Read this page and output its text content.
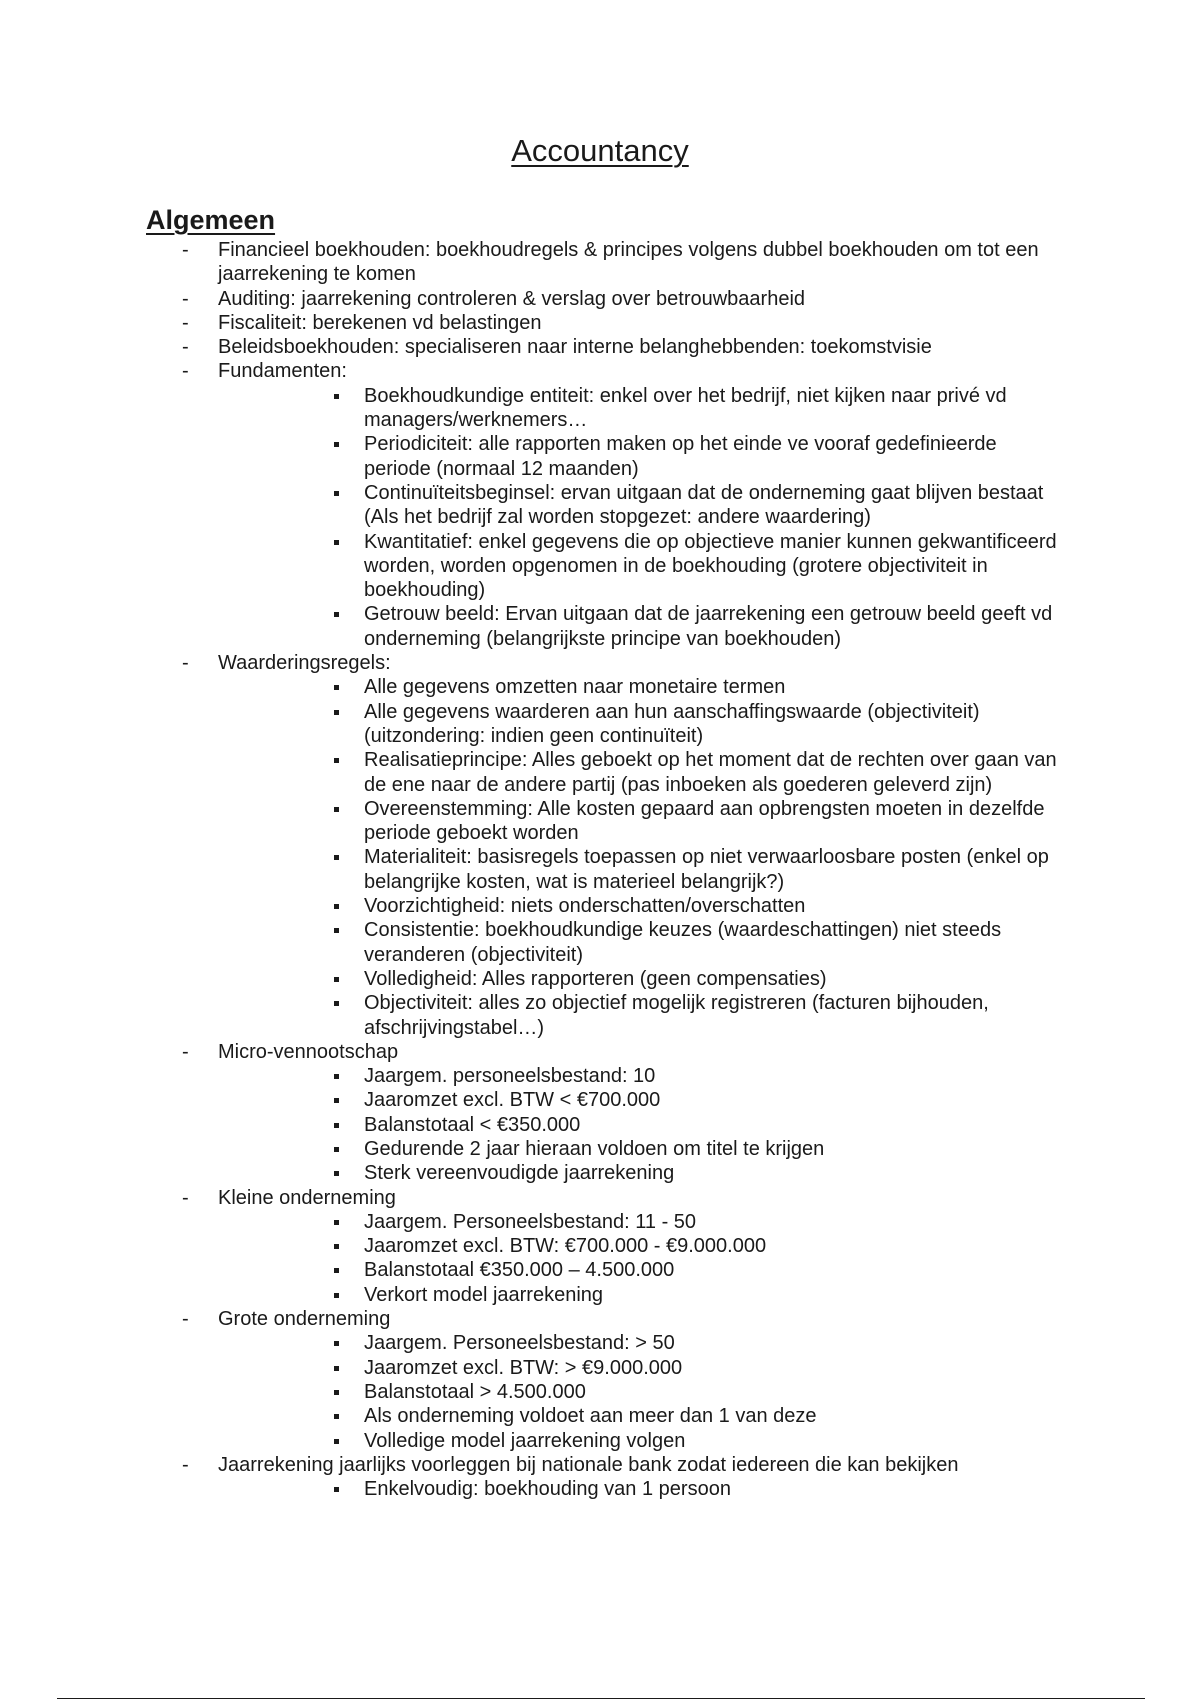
Accountancy
Algemeen
- Financieel boekhouden: boekhoudregels & principes volgens dubbel boekhouden om tot een jaarrekening te komen
- Auditing: jaarrekening controleren & verslag over betrouwbaarheid
- Fiscaliteit: berekenen vd belastingen
- Beleidsboekhouden: specialiseren naar interne belanghebbenden: toekomstvisie
- Fundamenten:
Boekhoudkundige entiteit: enkel over het bedrijf, niet kijken naar privé vd managers/werknemers…
Periodiciteit: alle rapporten maken op het einde ve vooraf gedefinieerde periode (normaal 12 maanden)
Continuïteitsbeginsel: ervan uitgaan dat de onderneming gaat blijven bestaat (Als het bedrijf zal worden stopgezet: andere waardering)
Kwantitatief: enkel gegevens die op objectieve manier kunnen gekwantificeerd worden, worden opgenomen in de boekhouding (grotere objectiviteit in boekhouding)
Getrouw beeld: Ervan uitgaan dat de jaarrekening een getrouw beeld geeft vd onderneming (belangrijkste principe van boekhouden)
- Waarderingsregels:
Alle gegevens omzetten naar monetaire termen
Alle gegevens waarderen aan hun aanschaffingswaarde (objectiviteit) (uitzondering: indien geen continuïteit)
Realisatieprincipe: Alles geboekt op het moment dat de rechten over gaan van de ene naar de andere partij (pas inboeken als goederen geleverd zijn)
Overeenstemming: Alle kosten gepaard aan opbrengsten moeten in dezelfde periode geboekt worden
Materialiteit: basisregels toepassen op niet verwaarloosbare posten (enkel op belangrijke kosten, wat is materieel belangrijk?)
Voorzichtigheid: niets onderschatten/overschatten
Consistentie: boekhoudkundige keuzes (waardeschattingen) niet steeds veranderen (objectiviteit)
Volledigheid: Alles rapporteren (geen compensaties)
Objectiviteit: alles zo objectief mogelijk registreren (facturen bijhouden, afschrijvingstabel…)
- Micro-vennootschap
Jaargem. personeelsbestand: 10
Jaaromzet excl. BTW < €700.000
Balanstotaal < €350.000
Gedurende 2 jaar hieraan voldoen om titel te krijgen
Sterk vereenvoudigde jaarrekening
- Kleine onderneming
Jaargem. Personeelsbestand: 11 - 50
Jaaromzet excl. BTW: €700.000 - €9.000.000
Balanstotaal €350.000 – 4.500.000
Verkort model jaarrekening
- Grote onderneming
Jaargem. Personeelsbestand: > 50
Jaaromzet excl. BTW: > €9.000.000
Balanstotaal > 4.500.000
Als onderneming voldoet aan meer dan 1 van deze
Volledige model jaarrekening volgen
- Jaarrekening jaarlijks voorleggen bij nationale bank zodat iedereen die kan bekijken
Enkelvoudig: boekhouding van 1 persoon
